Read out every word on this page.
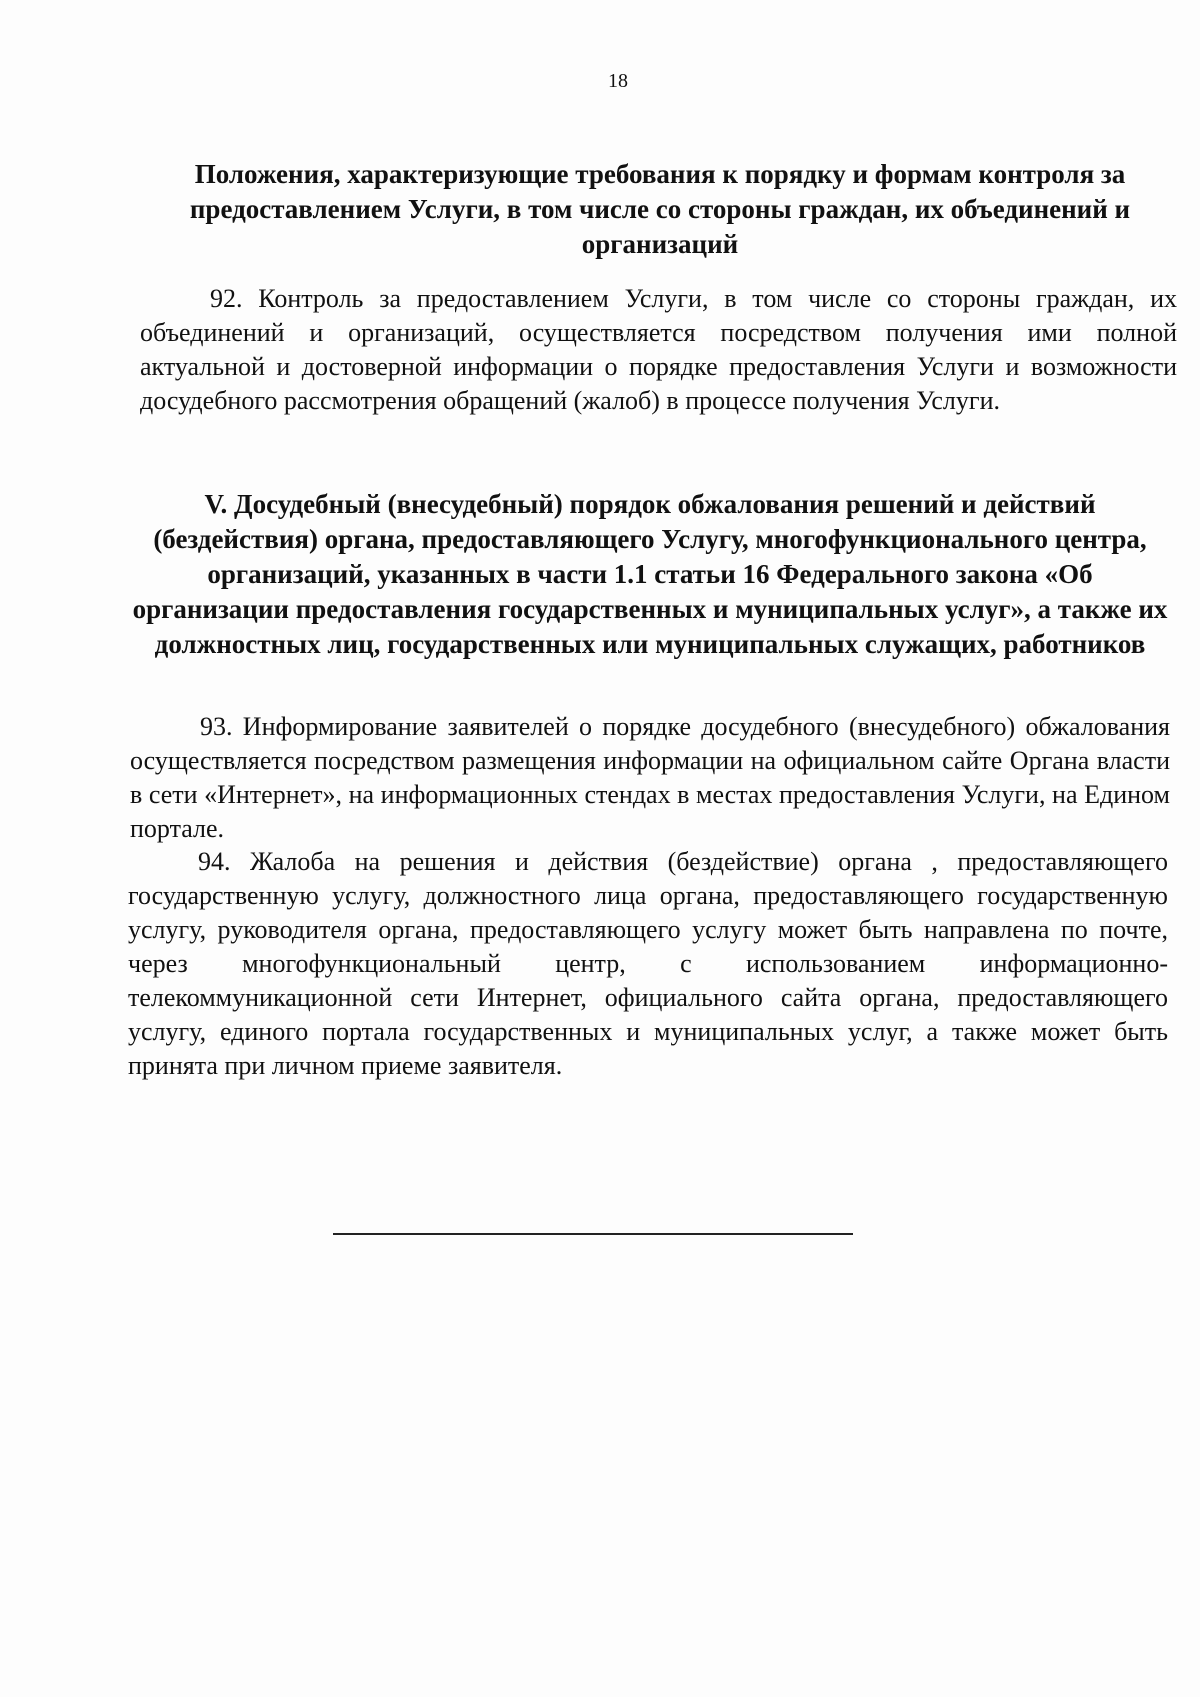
18
Положения, характеризующие требования к порядку и формам контроля за предоставлением Услуги, в том числе со стороны граждан, их объединений и организаций

92. Контроль за предоставлением Услуги, в том числе со стороны граждан, их объединений и организаций, осуществляется посредством получения ими полной актуальной и достоверной информации о порядке предоставления Услуги и возможности досудебного рассмотрения обращений (жалоб) в процессе получения Услуги.

V. Досудебный (внесудебный) порядок обжалования решений и действий (бездействия) органа, предоставляющего Услугу, многофункционального центра, организаций, указанных в части 1.1 статьи 16 Федерального закона «Об организации предоставления государственных и муниципальных услуг», а также их должностных лиц, государственных или муниципальных служащих, работников

93. Информирование заявителей о порядке досудебного (внесудебного) обжалования осуществляется посредством размещения информации на официальном сайте Органа власти в сети «Интернет», на информационных стендах в местах предоставления Услуги, на Едином портале.

94. Жалоба на решения и действия (бездействие) органа , предоставляющего государственную услугу, должностного лица органа, предоставляющего государственную услугу, руководителя органа, предоставляющего услугу может быть направлена по почте, через многофункциональный центр, с использованием информационно-телекоммуникационной сети Интернет, официального сайта органа, предоставляющего услугу, единого портала государственных и муниципальных услуг, а также может быть принята при личном приеме заявителя.
